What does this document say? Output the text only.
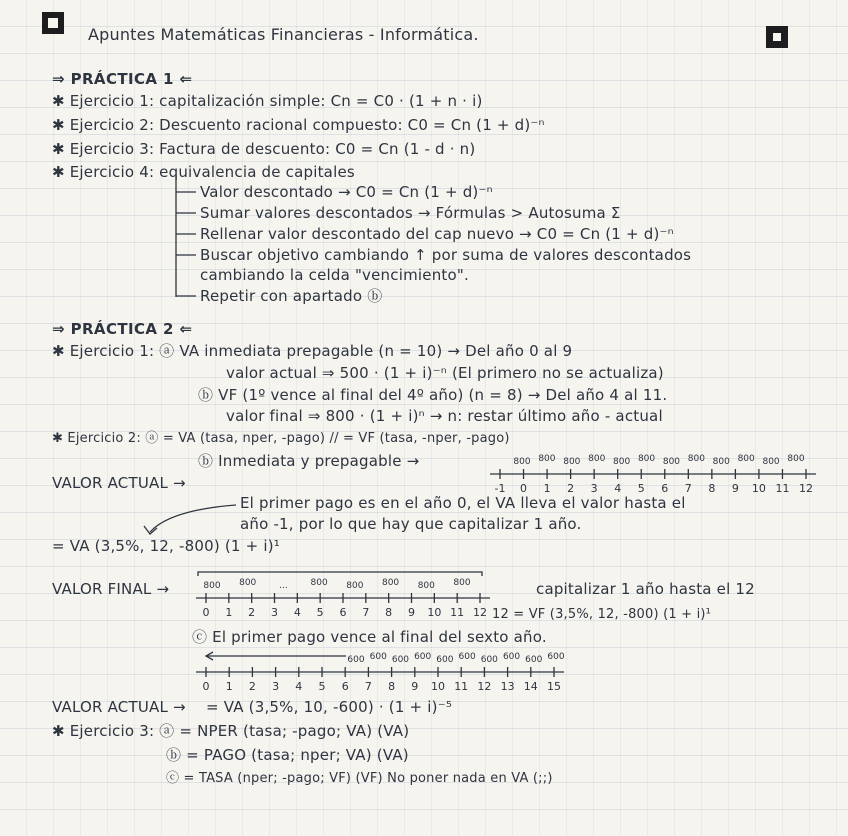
Apuntes Matemáticas Financieras - Informática.
⇒ PRÁCTICA 1 ⇐
✱ Ejercicio 1: capitalización simple: Cn = C0 · (1 + n · i)
✱ Ejercicio 2: Descuento racional compuesto: C0 = Cn (1 + d)⁻ⁿ
✱ Ejercicio 3: Factura de descuento: C0 = Cn (1 - d · n)
✱ Ejercicio 4: equivalencia de capitales
Valor descontado → C0 = Cn (1 + d)⁻ⁿ
Sumar valores descontados → Fórmulas > Autosuma Σ
Rellenar valor descontado del cap nuevo → C0 = Cn (1 + d)⁻ⁿ
Buscar objetivo cambiando ↑ por suma de valores descontados
cambiando la celda "vencimiento".
Repetir con apartado ⓑ
⇒ PRÁCTICA 2 ⇐
✱ Ejercicio 1: ⓐ VA inmediata prepagable (n = 10) → Del año 0 al 9
valor actual ⇒ 500 · (1 + i)⁻ⁿ (El primero no se actualiza)
ⓑ VF (1º vence al final del 4º año) (n = 8) → Del año 4 al 11.
valor final ⇒ 800 · (1 + i)ⁿ → n: restar último año - actual
✱ Ejercicio 2: ⓐ = VA (tasa, nper, -pago) // = VF (tasa, -nper, -pago)
ⓑ Inmediata y prepagable →
VALOR ACTUAL →
El primer pago es en el año 0, el VA lleva el valor hasta el
año -1, por lo que hay que capitalizar 1 año.
= VA (3,5%, 12, -800) (1 + i)¹
VALOR FINAL →	capitalizar 1 año hasta el 12
12 = VF (3,5%, 12, -800) (1 + i)¹
ⓒ El primer pago vence al final del sexto año.
VALOR ACTUAL → = VA (3,5%, 10, -600) · (1 + i)⁻⁵
✱ Ejercicio 3: ⓐ = NPER (tasa; -pago; VA) (VA)
ⓑ = PAGO (tasa; nper; VA) (VA)
ⓒ = TASA (nper; -pago; VF) (VF) No poner nada en VA (;;)
-1 0 1 2 3 4 5 6 7 8 9 10 11 12
800 800 800 800 800 800 800 800 800 800 800 800
0 1 2 3 4 5 6 7 8 9 10 11 12
800 800	...	800 800 800 800 800
0 1 2 3 4 5 6 7 8 9 10 11 12 13 14 15
600 600 600 600 600 600 600 600 600 600
